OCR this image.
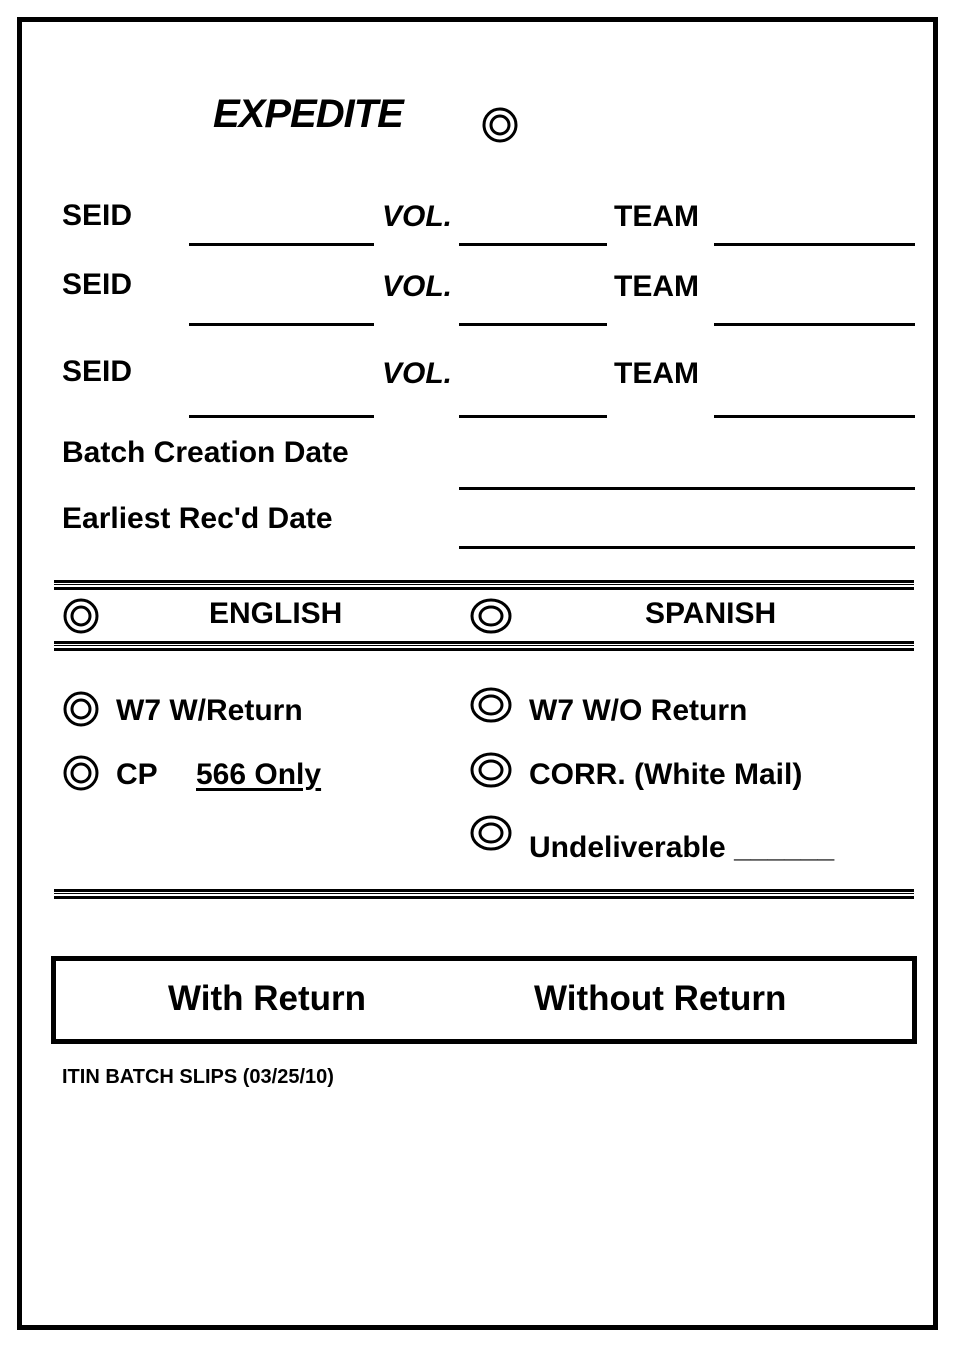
EXPEDITE
SEID	VOL.	TEAM
SEID	VOL.	TEAM
SEID	VOL.	TEAM
Batch Creation Date
Earliest Rec'd Date
ENGLISH	SPANISH
W7 W/Return
CP 566 Only
W7 W/O Return
CORR. (White Mail)
Undeliverable ______
With Return	Without Return
ITIN BATCH SLIPS (03/25/10)
